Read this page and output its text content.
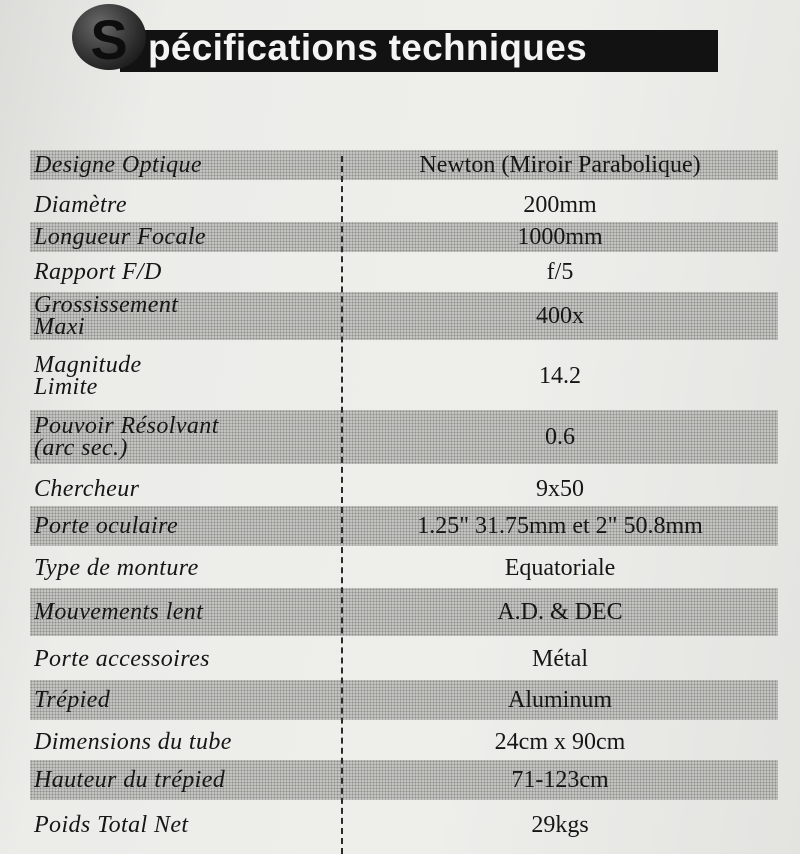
S pécifications techniques
Designe Optique	Newton (Miroir Parabolique)
Diamètre	200mm
Longueur Focale	1000mm
Rapport F/D	f/5
Grossissement
Maxi	400x
Magnitude
Limite	14.2
Pouvoir Résolvant
(arc sec.)	0.6
Chercheur	9x50
Porte oculaire	1.25" 31.75mm et 2" 50.8mm
Type de monture	Equatoriale
Mouvements lent	A.D. & DEC
Porte accessoires	Métal
Trépied	Aluminum
Dimensions du tube	24cm x 90cm
Hauteur du trépied	71-123cm
Poids Total Net	29kgs
